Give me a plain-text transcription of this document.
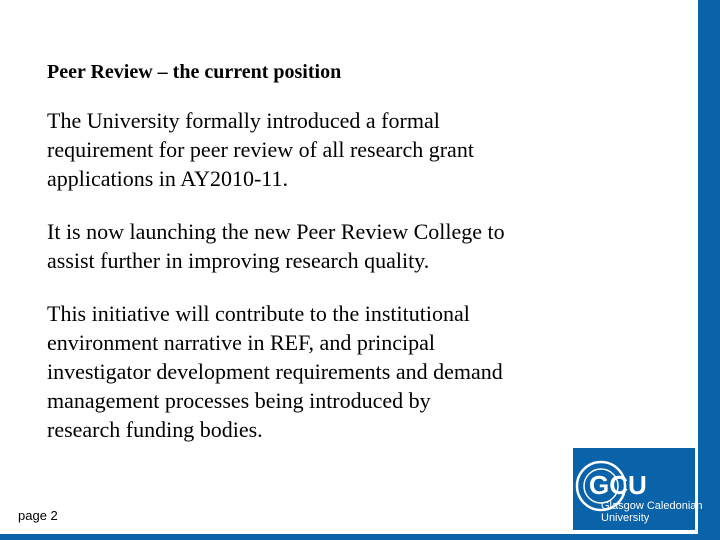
Peer Review – the current position
The University formally introduced a formal
requirement for peer review of all research grant
applications in AY2010-11.
It is now launching the new Peer Review College to
assist further in improving research quality.
This initiative will contribute to the institutional
environment narrative in REF, and principal
investigator development requirements and demand
management processes being introduced by
research funding bodies.
page 2
GCU
Glasgow Caledonian
University
